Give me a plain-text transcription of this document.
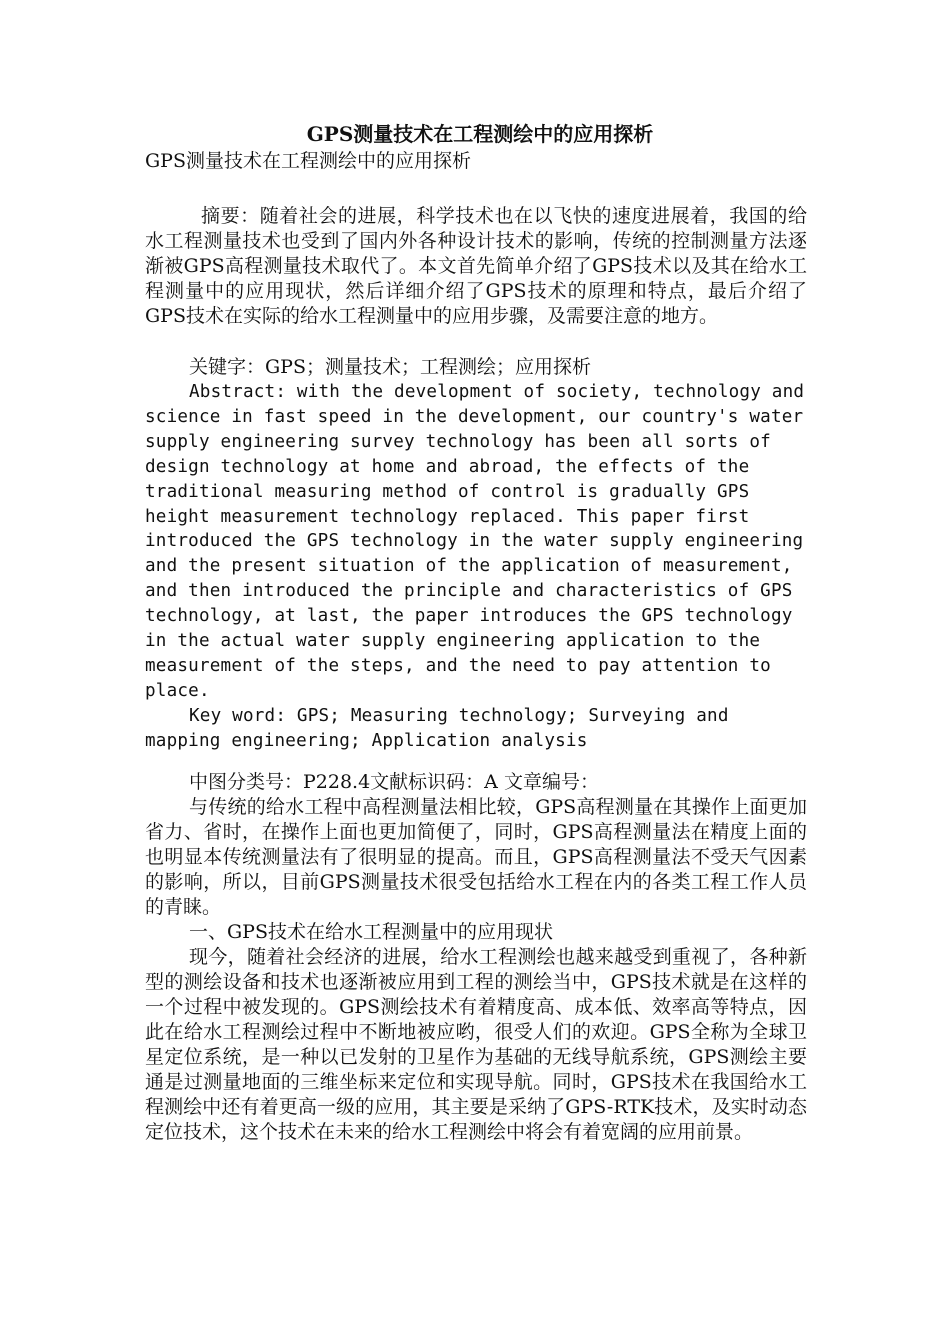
GPS测量技术在工程测绘中的应用探析

GPS测量技术在工程测绘中的应用探析

摘要：随着社会的进展，科学技术也在以飞快的速度进展着，我国的给水工程测量技术也受到了国内外各种设计技术的影响，传统的控制测量方法逐渐被GPS高程测量技术取代了。本文首先简单介绍了GPS技术以及其在给水工程测量中的应用现状，然后详细介绍了GPS技术的原理和特点，最后介绍了GPS技术在实际的给水工程测量中的应用步骤，及需要注意的地方。

关键字：GPS；测量技术；工程测绘；应用探析

Abstract: with the development of society, technology and science in fast speed in the development, our country's water supply engineering survey technology has been all sorts of design technology at home and abroad, the effects of the traditional measuring method of control is gradually GPS height measurement technology replaced. This paper first introduced the GPS technology in the water supply engineering and the present situation of the application of measurement, and then introduced the principle and characteristics of GPS technology, at last, the paper introduces the GPS technology in the actual water supply engineering application to the measurement of the steps, and the need to pay attention to place.

Key word: GPS; Measuring technology; Surveying and mapping engineering; Application analysis

中图分类号：P228.4文献标识码：A 文章编号：

与传统的给水工程中高程测量法相比较，GPS高程测量在其操作上面更加省力、省时，在操作上面也更加简便了，同时，GPS高程测量法在精度上面的也明显本传统测量法有了很明显的提高。而且，GPS高程测量法不受天气因素的影响，所以，目前GPS测量技术很受包括给水工程在内的各类工程工作人员的青睐。

一、GPS技术在给水工程测量中的应用现状

现今，随着社会经济的进展，给水工程测绘也越来越受到重视了，各种新型的测绘设备和技术也逐渐被应用到工程的测绘当中，GPS技术就是在这样的一个过程中被发现的。GPS测绘技术有着精度高、成本低、效率高等特点，因此在给水工程测绘过程中不断地被应哟，很受人们的欢迎。GPS全称为全球卫星定位系统，是一种以已发射的卫星作为基础的无线导航系统，GPS测绘主要通是过测量地面的三维坐标来定位和实现导航。同时，GPS技术在我国给水工程测绘中还有着更高一级的应用，其主要是采纳了GPS-RTK技术，及实时动态定位技术，这个技术在未来的给水工程测绘中将会有着宽阔的应用前景。
